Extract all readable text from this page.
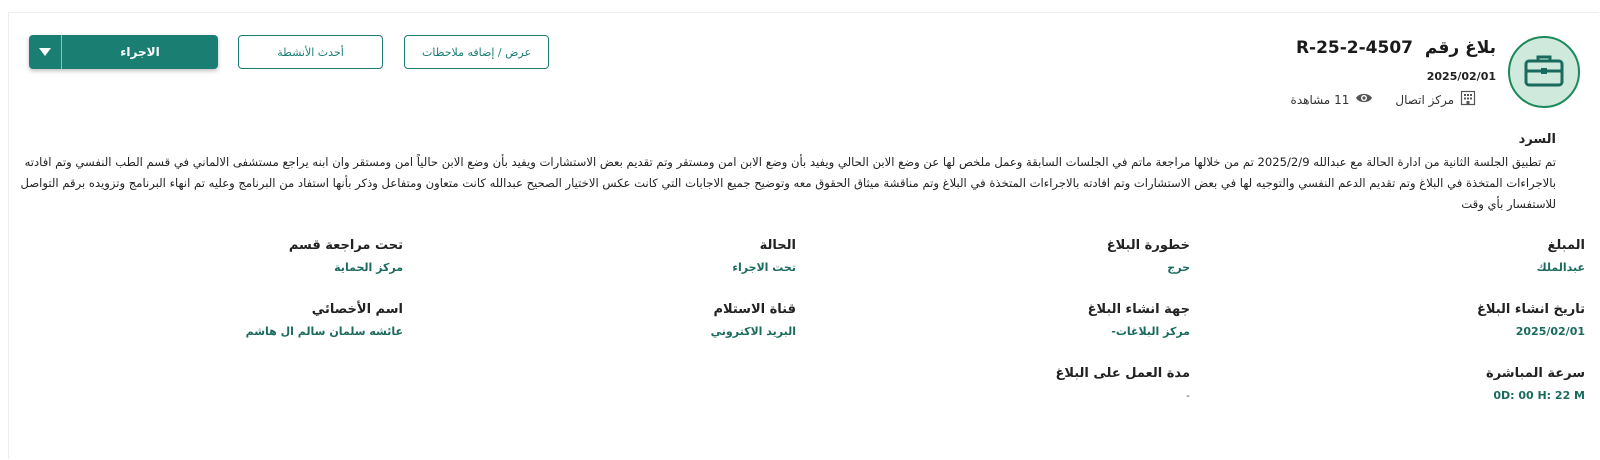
بلاغ رقم R-25-2-4507
2025/02/01
مركز اتصال
11 مشاهدة
الاجراء	أحدث الأنشطة	عرض / إضافه ملاحظات
السرد
تم تطبيق الجلسة الثانية من ادارة الحالة مع عبدالله 2025/2/9 تم من خلالها مراجعة ماتم في الجلسات السابقة وعمل ملخص لها عن وضع الابن الحالي ويفيد بأن وضع الابن امن ومستقر وتم تقديم بعض الاستشارات ويفيد بأن وضع الابن حالياً امن ومستقر وان ابنه يراجع مستشفى الالماني في قسم الطب النفسي وتم افادته بالاجراءات المتخذة في البلاغ وتم تقديم الدعم النفسي والتوجيه لها في بعض الاستشارات وتم افادته بالاجراءات المتخذة في البلاغ وتم مناقشة ميثاق الحقوق معه وتوضيح جميع الاجابات التي كانت عكس الاختيار الصحيح عبدالله كانت متعاون ومتفاعل وذكر بأنها استفاد من البرنامج وعليه تم انهاء البرنامج وتزويده برقم التواصل للاستفسار بأي وقت
المبلغ
عبدالملك
خطورة البلاغ
حرج
الحالة
تحت الاجراء
تحت مراجعة قسم
مركز الحماية
تاريخ انشاء البلاغ
2025/02/01
جهة انشاء البلاغ
مركز البلاغات-
قناة الاستلام
البريد الاكتروني
اسم الأخصائي
عائشه سلمان سالم ال هاشم
سرعة المباشرة
0D: 00 H: 22 M
مدة العمل على البلاغ
-
